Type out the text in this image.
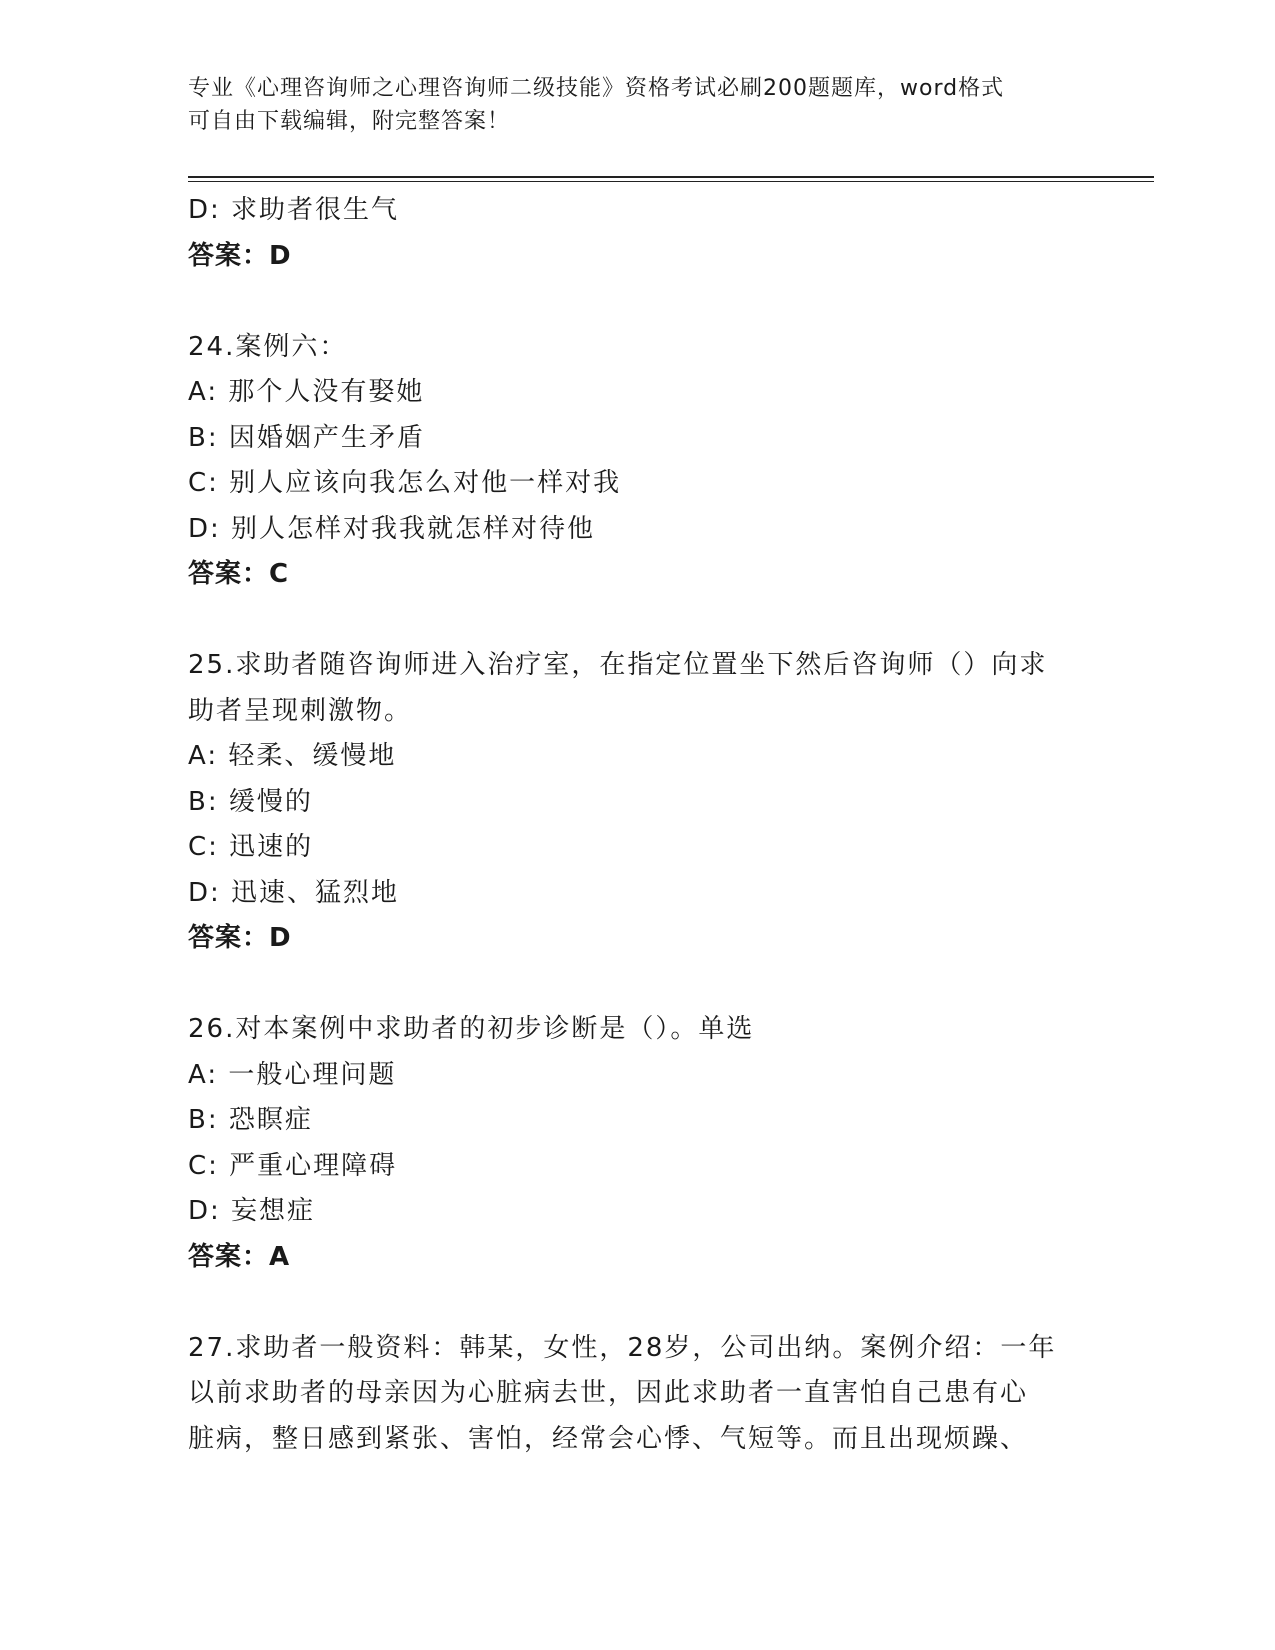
专业《心理咨询师之心理咨询师二级技能》资格考试必刷200题题库，word格式
可自由下载编辑，附完整答案！
D: 求助者很生气
答案：D
24.案例六：
A: 那个人没有娶她
B: 因婚姻产生矛盾
C: 别人应该向我怎么对他一样对我
D: 别人怎样对我我就怎样对待他
答案：C
25.求助者随咨询师进入治疗室，在指定位置坐下然后咨询师（）向求
助者呈现刺激物。
A: 轻柔、缓慢地
B: 缓慢的
C: 迅速的
D: 迅速、猛烈地
答案：D
26.对本案例中求助者的初步诊断是（）。单选
A: 一般心理问题
B: 恐瞑症
C: 严重心理障碍
D: 妄想症
答案：A
27.求助者一般资料：韩某，女性，28岁，公司出纳。案例介绍：一年
以前求助者的母亲因为心脏病去世，因此求助者一直害怕自己患有心
脏病，整日感到紧张、害怕，经常会心悸、气短等。而且出现烦躁、
